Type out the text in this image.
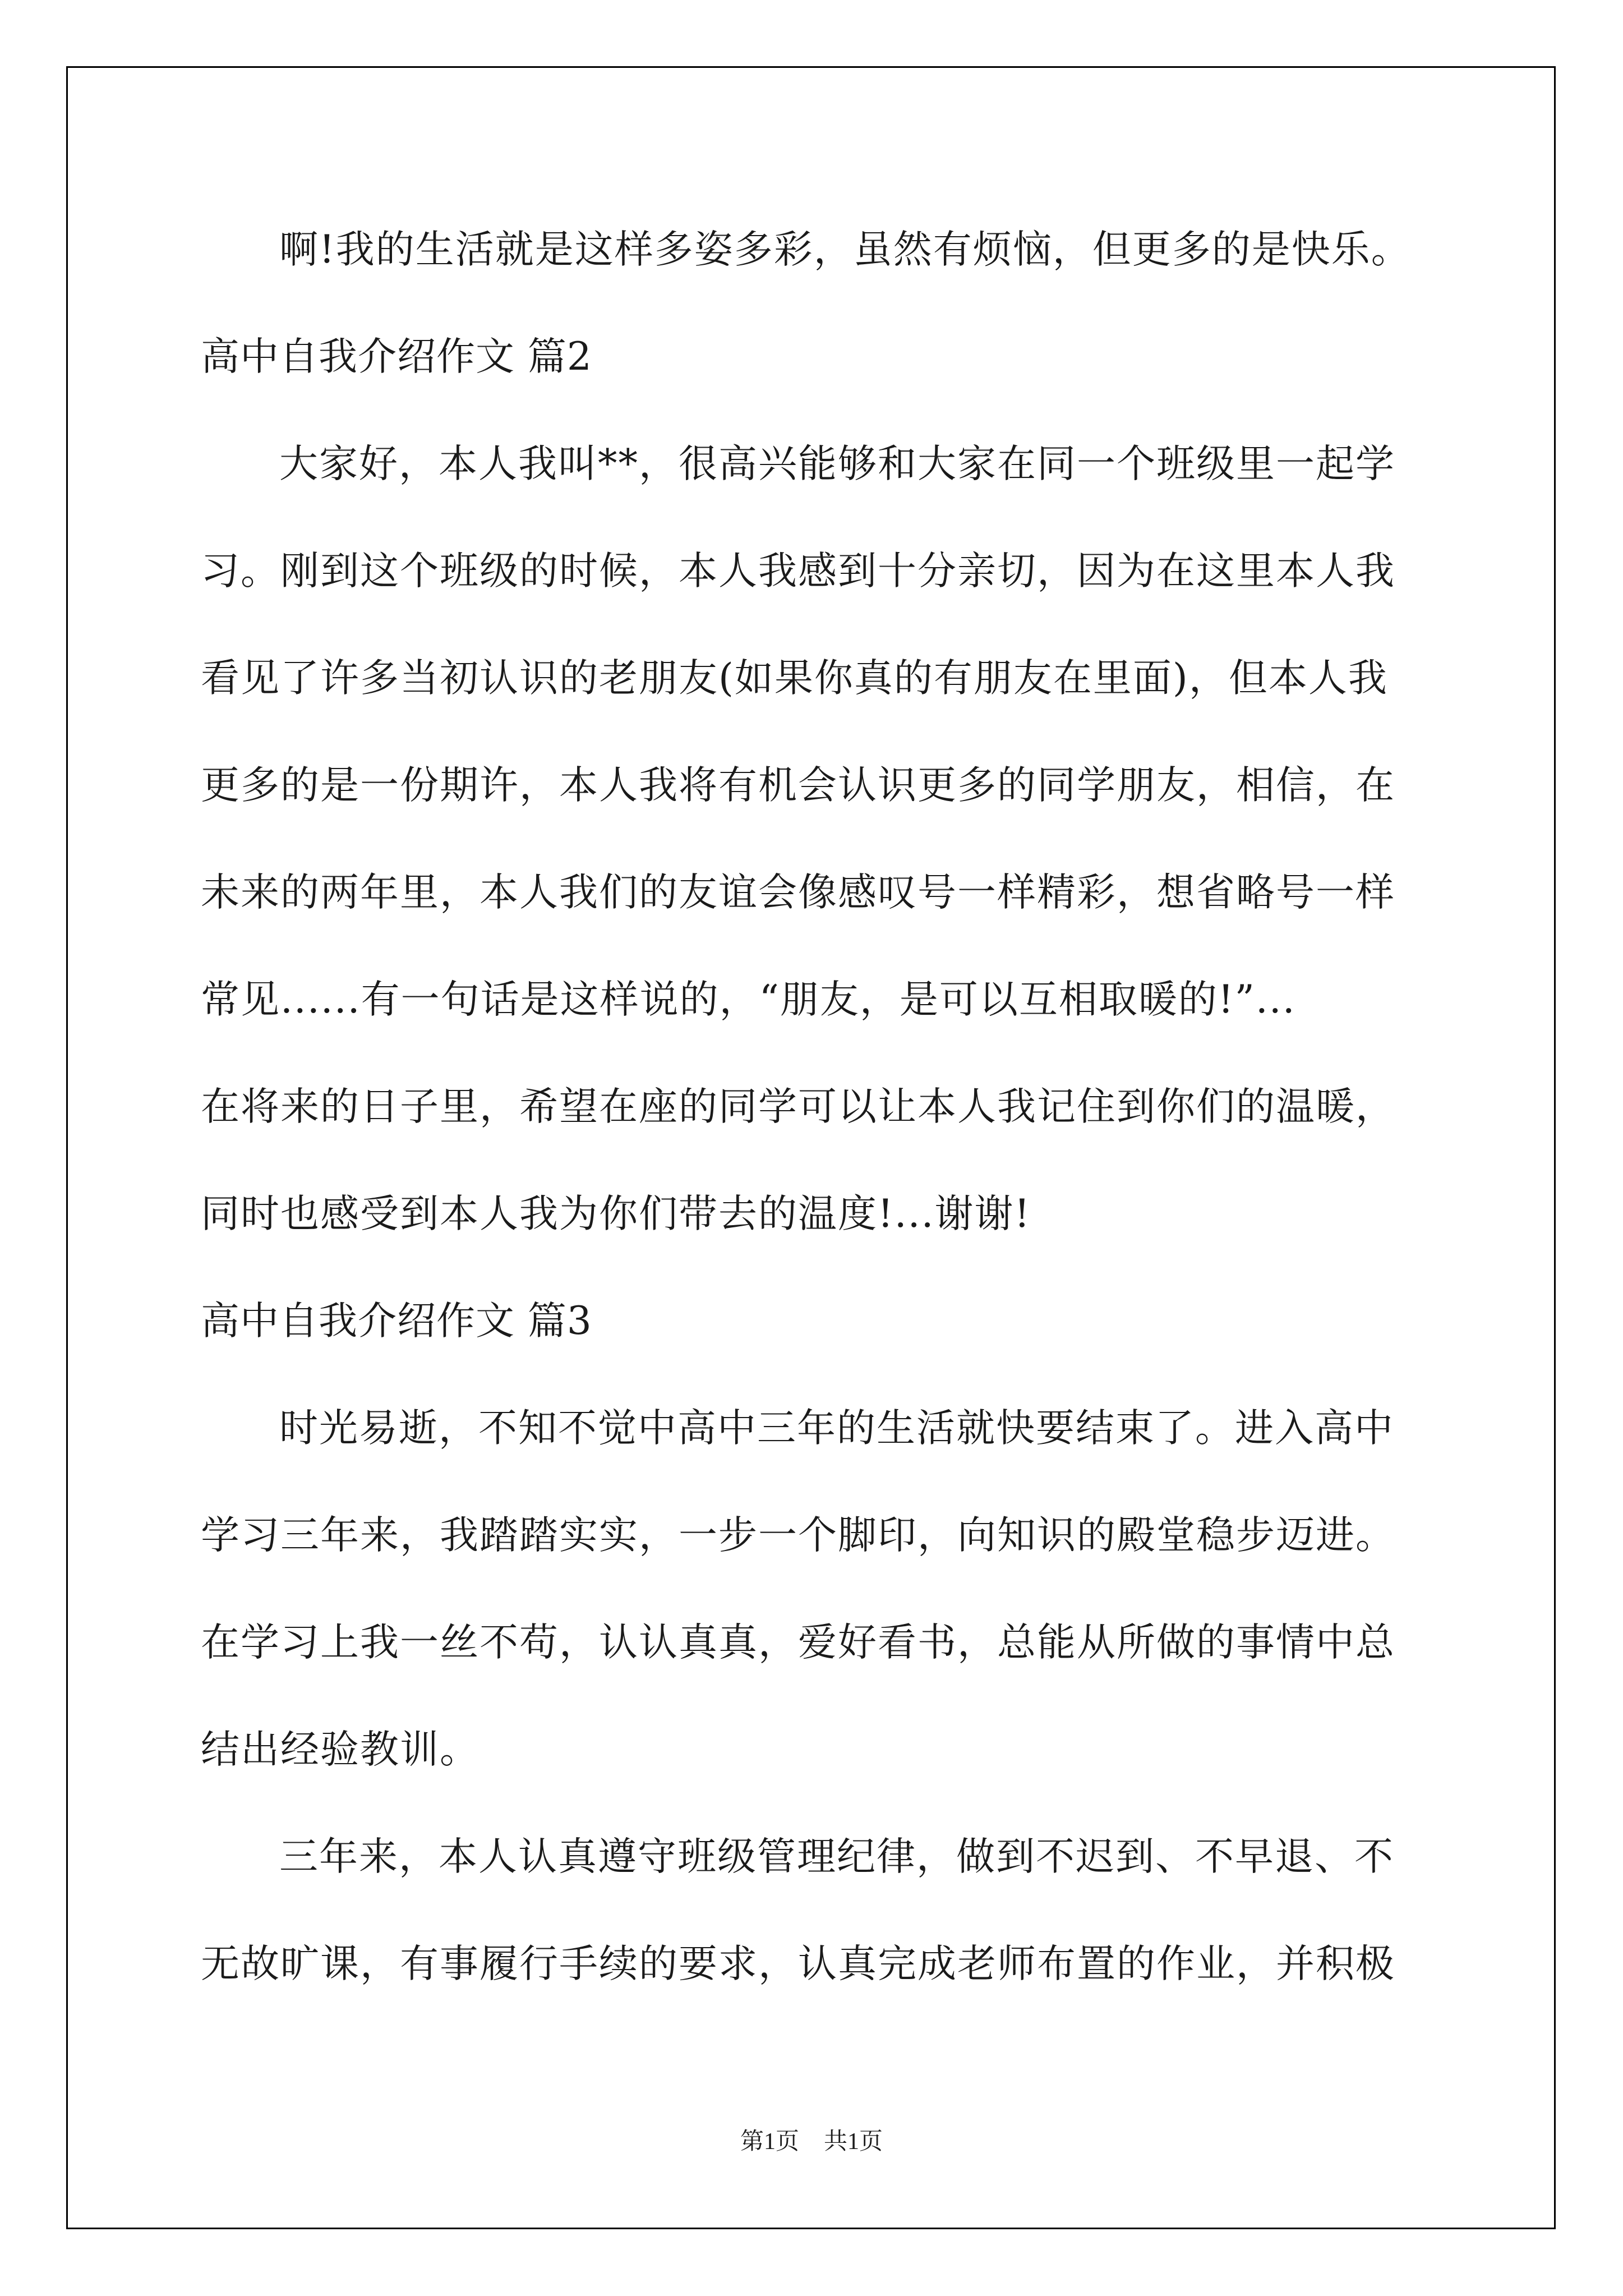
啊!我的生活就是这样多姿多彩，虽然有烦恼，但更多的是快乐。
高中自我介绍作文 篇2
大家好，本人我叫**，很高兴能够和大家在同一个班级里一起学
习。刚到这个班级的时候，本人我感到十分亲切，因为在这里本人我
看见了许多当初认识的老朋友(如果你真的有朋友在里面)，但本人我
更多的是一份期许，本人我将有机会认识更多的同学朋友，相信，在
未来的两年里，本人我们的友谊会像感叹号一样精彩，想省略号一样
常见......有一句话是这样说的，“朋友，是可以互相取暖的!”...
在将来的日子里，希望在座的同学可以让本人我记住到你们的温暖，
同时也感受到本人我为你们带去的温度!...谢谢!
高中自我介绍作文 篇3
时光易逝，不知不觉中高中三年的生活就快要结束了。进入高中
学习三年来，我踏踏实实，一步一个脚印，向知识的殿堂稳步迈进。
在学习上我一丝不苟，认认真真，爱好看书，总能从所做的事情中总
结出经验教训。
三年来，本人认真遵守班级管理纪律，做到不迟到、不早退、不
无故旷课，有事履行手续的要求，认真完成老师布置的作业，并积极
第1页 共1页
